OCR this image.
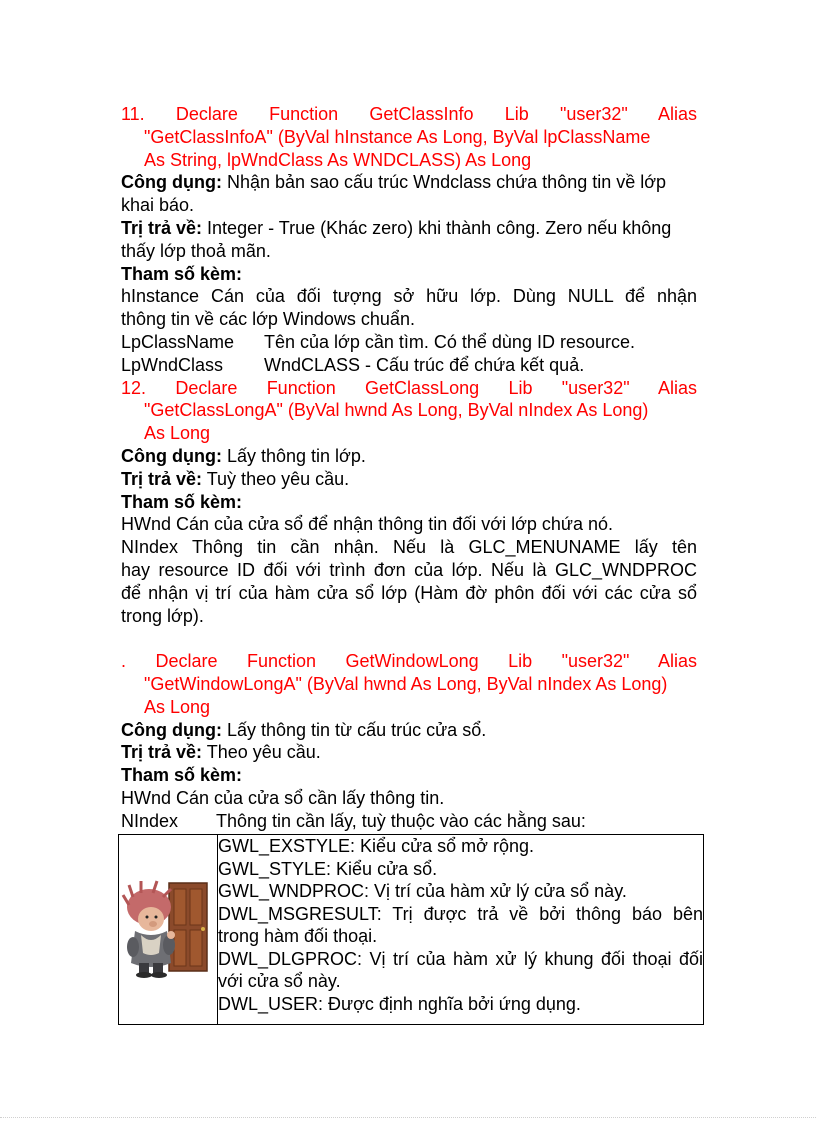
11. Declare Function GetClassInfo Lib "user32" Alias

"GetClassInfoA" (ByVal hInstance As Long, ByVal lpClassName

As String, lpWndClass As WNDCLASS) As Long

Công dụng: Nhận bản sao cấu trúc Wndclass chứa thông tin về lớp

khai báo.

Trị trả về: Integer - True (Khác zero) khi thành công. Zero nếu không

thấy lớp thoả mãn.

Tham số kèm:

hInstance Cán của đối tượng sở hữu lớp. Dùng NULL để nhận

thông tin về các lớp Windows chuẩn.

LpClassName Tên của lớp cần tìm. Có thể dùng ID resource.

LpWndClass WndCLASS - Cấu trúc để chứa kết quả.

12. Declare Function GetClassLong Lib "user32" Alias

"GetClassLongA" (ByVal hwnd As Long, ByVal nIndex As Long)

As Long

Công dụng: Lấy thông tin lớp.

Trị trả về: Tuỳ theo yêu cầu.

Tham số kèm:

HWnd Cán của cửa sổ để nhận thông tin đối với lớp chứa nó.

NIndex Thông tin cần nhận. Nếu là GLC_MENUNAME lấy tên

hay resource ID đối với trình đơn của lớp. Nếu là GLC_WNDPROC

để nhận vị trí của hàm cửa sổ lớp (Hàm đờ phôn đối với các cửa sổ

trong lớp).

. Declare Function GetWindowLong Lib "user32" Alias

"GetWindowLongA" (ByVal hwnd As Long, ByVal nIndex As Long)

As Long

Công dụng: Lấy thông tin từ cấu trúc cửa sổ.

Trị trả về: Theo yêu cầu.

Tham số kèm:

HWnd Cán của cửa sổ cần lấy thông tin.

NIndex Thông tin cần lấy, tuỳ thuộc vào các hằng sau:

GWL_EXSTYLE: Kiểu cửa sổ mở rộng.

GWL_STYLE: Kiểu cửa sổ.

GWL_WNDPROC: Vị trí của hàm xử lý cửa sổ này.

DWL_MSGRESULT: Trị được trả về bởi thông báo bên

trong hàm đối thoại.

DWL_DLGPROC: Vị trí của hàm xử lý khung đối thoại đối

với cửa sổ này.

DWL_USER: Được định nghĩa bởi ứng dụng.
